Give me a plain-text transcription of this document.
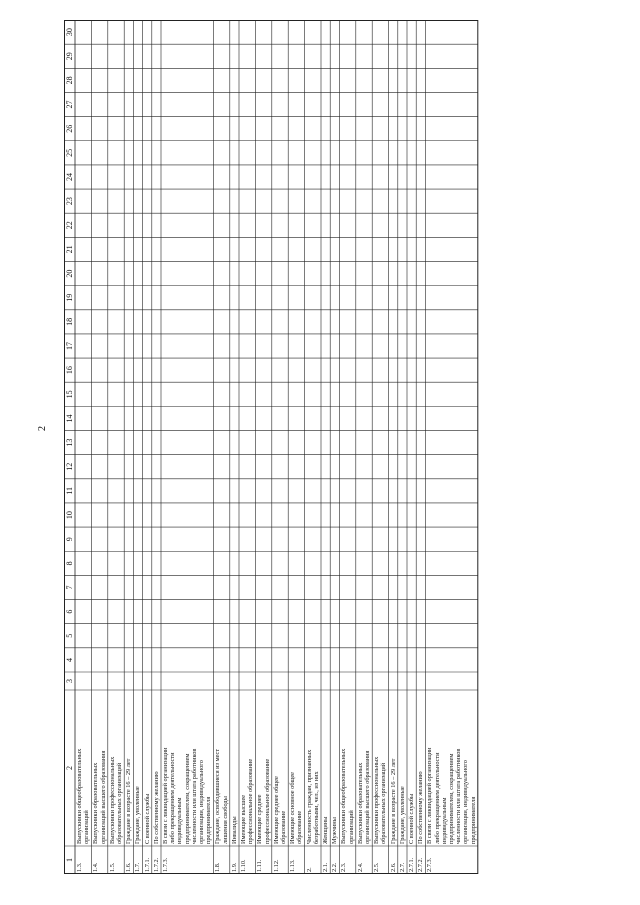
2
1
2
3
4
5
6
7
8
9
10
11
12
13
14
15
16
17
18
19
20
21
22
23
24
25
26
27
28
29
30
1.3.
Выпускники общеобразовательных организаций
1.4.
Выпускники образовательных организаций высшего образования
1.5.
Выпускники профессиональных образовательных организаций
1.6.
Граждане в возрасте 16 – 29 лет
1.7.
Граждане, уволенные
1.7.1.
С военной службы
1.7.2.
По собственному желанию
1.7.3.
В связи с ликвидацией организации либо прекращением деятельности индивидуальным предпринимателем, сокращением численности или штата работников организации, индивидуального предпринимателя
1.8.
Граждане, освободившиеся из мест лишения свободы
1.9.
Инвалиды
1.10.
Имеющие высшее профессиональное образование
1.11.
Имеющие среднее профессиональное образование
1.12.
Имеющие среднее общее образование
1.13.
Имеющие основное общее образование
2.
Численность граждан, признанных безработными, чел., из них
2.1.
Женщины
2.2.
Мужчины
2.3.
Выпускники общеобразовательных организаций
2.4.
Выпускники образовательных организаций высшего образования
2.5.
Выпускники профессиональных образовательных организаций
2.6.
Граждане в возрасте 16 – 29 лет
2.7.
Граждане, уволенные
2.7.1.
С военной службы
2.7.2.
По собственному желанию
2.7.3.
В связи с ликвидацией организации либо прекращением деятельности индивидуальным предпринимателем, сокращением численности или штата работников организации, индивидуального предпринимателя
